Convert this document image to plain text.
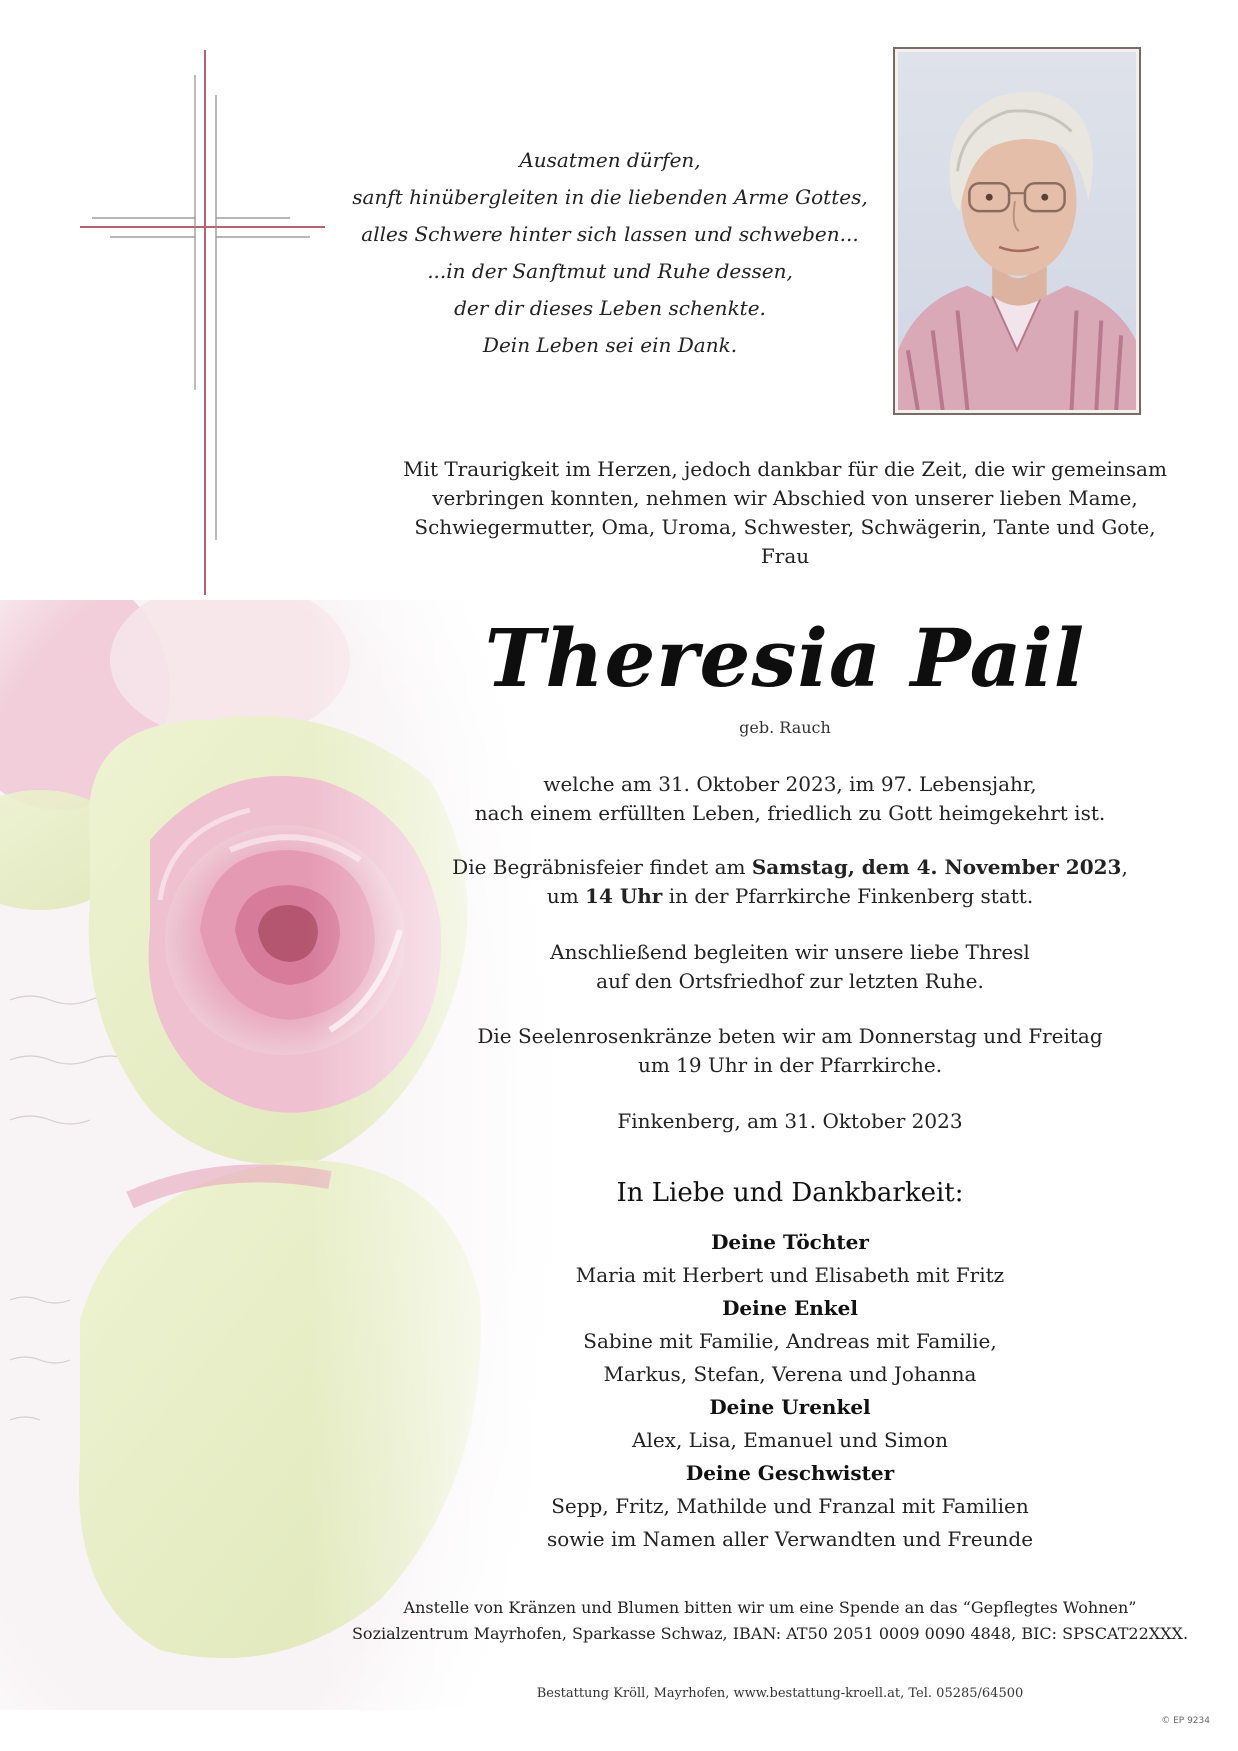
Ausatmen dürfen,
sanft hinübergleiten in die liebenden Arme Gottes,
alles Schwere hinter sich lassen und schweben...
...in der Sanftmut und Ruhe dessen,
der dir dieses Leben schenkte.
Dein Leben sei ein Dank.
Mit Traurigkeit im Herzen, jedoch dankbar für die Zeit, die wir gemeinsam
verbringen konnten, nehmen wir Abschied von unserer lieben Mame,
Schwiegermutter, Oma, Uroma, Schwester, Schwägerin, Tante und Gote,
Frau
Theresia Pail
geb. Rauch
welche am 31. Oktober 2023, im 97. Lebensjahr,
nach einem erfüllten Leben, friedlich zu Gott heimgekehrt ist.
Die Begräbnisfeier findet am Samstag, dem 4. November 2023,
um 14 Uhr in der Pfarrkirche Finkenberg statt.
Anschließend begleiten wir unsere liebe Thresl
auf den Ortsfriedhof zur letzten Ruhe.
Die Seelenrosenkränze beten wir am Donnerstag und Freitag
um 19 Uhr in der Pfarrkirche.
Finkenberg, am 31. Oktober 2023
In Liebe und Dankbarkeit:
Deine Töchter
Maria mit Herbert und Elisabeth mit Fritz
Deine Enkel
Sabine mit Familie, Andreas mit Familie,
Markus, Stefan, Verena und Johanna
Deine Urenkel
Alex, Lisa, Emanuel und Simon
Deine Geschwister
Sepp, Fritz, Mathilde und Franzal mit Familien
sowie im Namen aller Verwandten und Freunde
Anstelle von Kränzen und Blumen bitten wir um eine Spende an das “Gepflegtes Wohnen”
Sozialzentrum Mayrhofen, Sparkasse Schwaz, IBAN: AT50 2051 0009 0090 4848, BIC: SPSCAT22XXX.
Bestattung Kröll, Mayrhofen, www.bestattung-kroell.at, Tel. 05285/64500
© EP 9234
